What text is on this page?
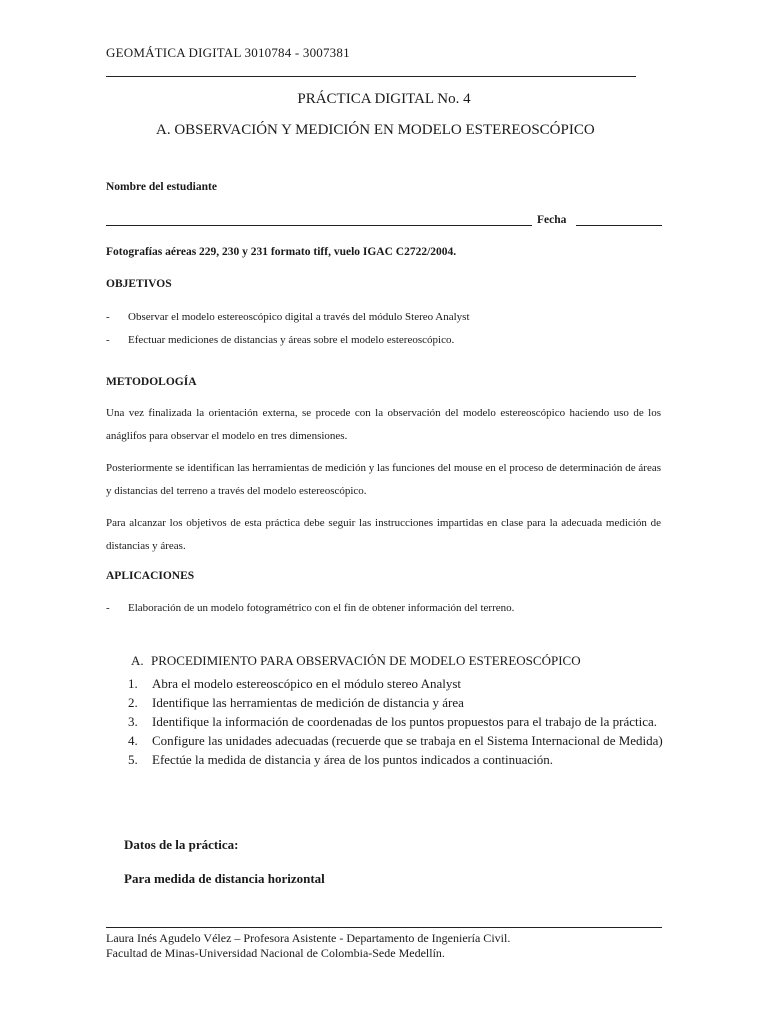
GEOMÁTICA DIGITAL 3010784 - 3007381
PRÁCTICA DIGITAL No. 4
A. OBSERVACIÓN Y MEDICIÓN EN MODELO ESTEREOSCÓPICO
Nombre del estudiante
Fecha
Fotografías aéreas 229, 230 y 231 formato tiff, vuelo IGAC C2722/2004.
OBJETIVOS
- Observar el modelo estereoscópico digital a través del módulo Stereo Analyst
- Efectuar mediciones de distancias y áreas sobre el modelo estereoscópico.
METODOLOGÍA
Una vez finalizada la orientación externa, se procede con la observación del modelo estereoscópico haciendo uso de los anáglifos para observar el modelo en tres dimensiones.
Posteriormente se identifican las herramientas de medición y las funciones del mouse en el proceso de determinación de áreas y distancias del terreno a través del modelo estereoscópico.
Para alcanzar los objetivos de esta práctica debe seguir las instrucciones impartidas en clase para la adecuada medición de distancias y áreas.
APLICACIONES
- Elaboración de un modelo fotogramétrico con el fin de obtener información del terreno.
A. PROCEDIMIENTO PARA OBSERVACIÓN DE MODELO ESTEREOSCÓPICO
1. Abra el modelo estereoscópico en el módulo stereo Analyst
2. Identifique las herramientas de medición de distancia y área
3. Identifique la información de coordenadas de los puntos propuestos para el trabajo de la práctica.
4. Configure las unidades adecuadas (recuerde que se trabaja en el Sistema Internacional de Medida)
5. Efectúe la medida de distancia y área de los puntos indicados a continuación.
Datos de la práctica:
Para medida de distancia horizontal
Laura Inés Agudelo Vélez – Profesora Asistente - Departamento de Ingeniería Civil.
Facultad de Minas-Universidad Nacional de Colombia-Sede Medellín.
